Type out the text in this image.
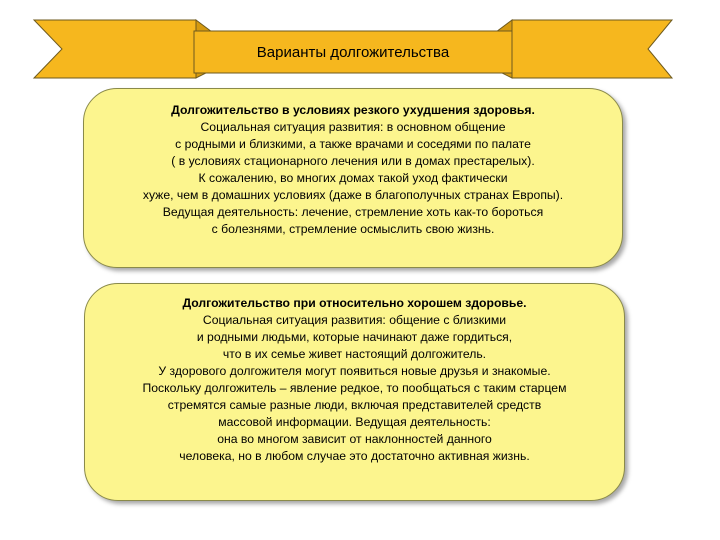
Варианты долгожительства
Долгожительство в условиях резкого ухудшения здоровья.
Социальная ситуация развития: в основном общение
с родными и близкими, а также врачами и соседями по палате
( в условиях стационарного лечения или в домах престарелых).
К сожалению, во многих домах такой уход фактически
хуже, чем в домашних условиях (даже в благополучных странах Европы).
Ведущая деятельность: лечение, стремление хоть как-то бороться
с болезнями, стремление осмыслить свою жизнь.
Долгожительство при относительно хорошем здоровье.
Социальная ситуация развития: общение с близкими
и родными людьми, которые начинают даже гордиться,
что в их семье живет настоящий долгожитель.
У здорового долгожителя могут появиться новые друзья и знакомые.
Поскольку долгожитель – явление редкое, то пообщаться с таким старцем
стремятся самые разные люди, включая представителей средств
массовой информации. Ведущая деятельность:
она во многом зависит от наклонностей данного
человека, но в любом случае это достаточно активная жизнь.
